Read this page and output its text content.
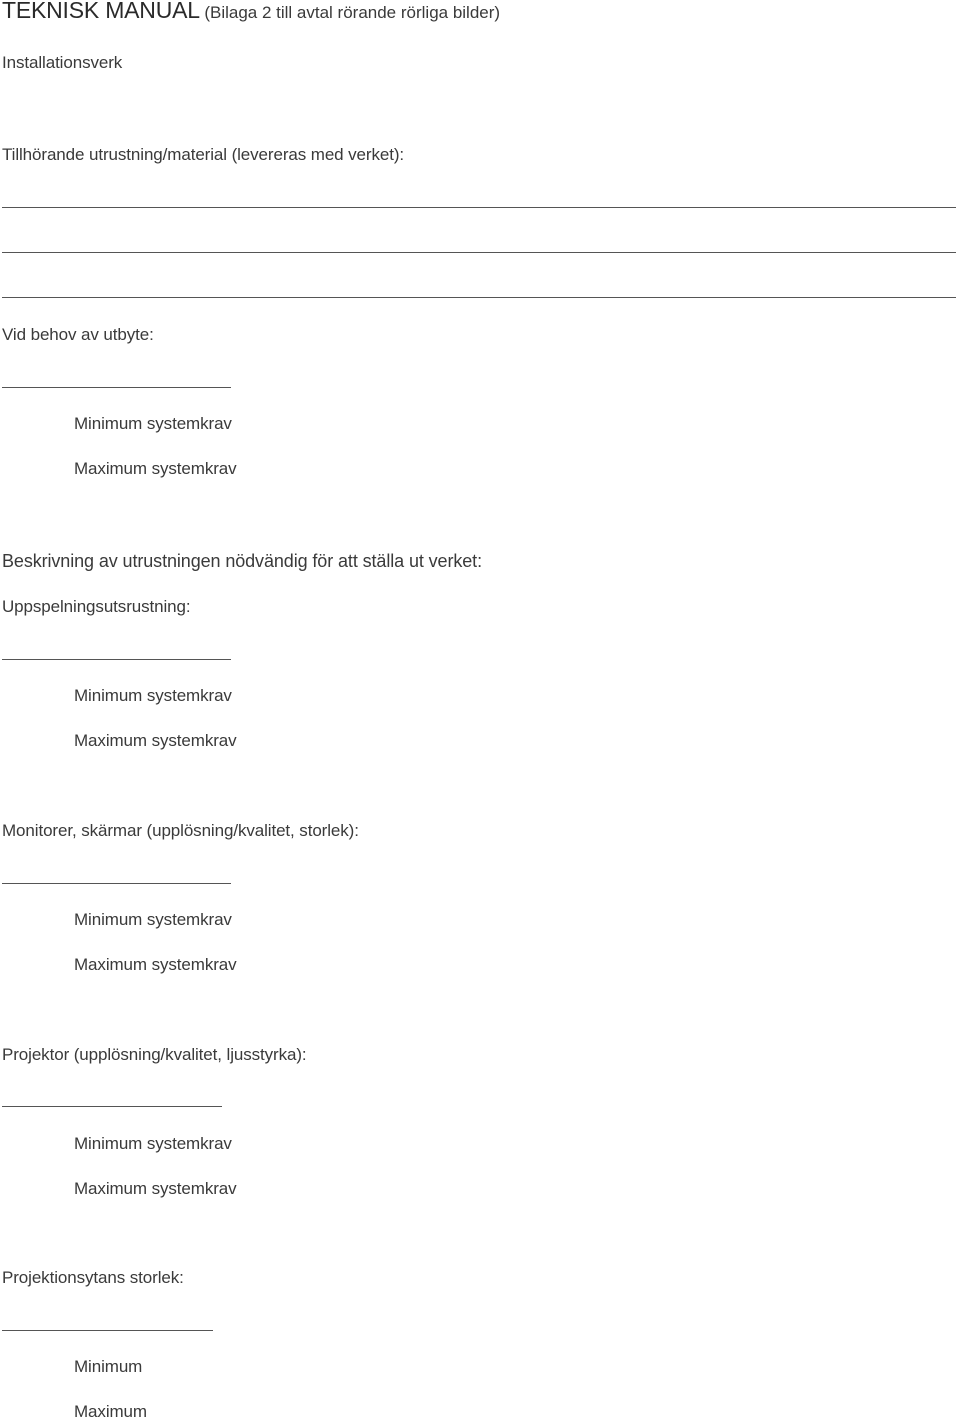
TEKNISK MANUAL (Bilaga 2 till avtal rörande rörliga bilder)
Installationsverk
Tillhörande utrustning/material (levereras med verket):
Vid behov av utbyte:
Minimum systemkrav
Maximum systemkrav
Beskrivning av utrustningen nödvändig för att ställa ut verket:
Uppspelningsutsrustning:
Minimum systemkrav
Maximum systemkrav
Monitorer, skärmar (upplösning/kvalitet, storlek):
Minimum systemkrav
Maximum systemkrav
Projektor (upplösning/kvalitet, ljusstyrka):
Minimum systemkrav
Maximum systemkrav
Projektionsytans storlek:
Minimum
Maximum
